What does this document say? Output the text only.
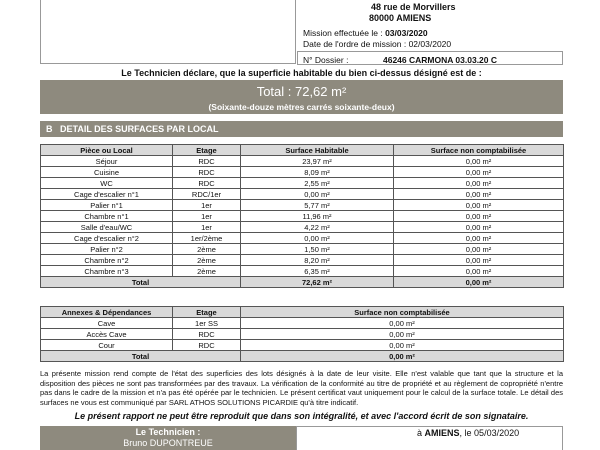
48 rue de Morvillers
80000 AMIENS
Mission effectuée le : 03/03/2020
Date de l'ordre de mission : 02/03/2020
N° Dossier :	46246 CARMONA 03.03.20 C
Le Technicien déclare, que la superficie habitable du bien ci-dessus désigné est de :
Total : 72,62 m²
(Soixante-douze mètres carrés soixante-deux)
B DETAIL DES SURFACES PAR LOCAL
Pièce ou Local	Etage	Surface Habitable	Surface non comptabilisée
Séjour	RDC	23,97 m²	0,00 m²
Cuisine	RDC	8,09 m²	0,00 m²
WC	RDC	2,55 m²	0,00 m²
Cage d'escalier n°1	RDC/1er	0,00 m²	0,00 m²
Palier n°1	1er	5,77 m²	0,00 m²
Chambre n°1	1er	11,96 m²	0,00 m²
Salle d'eau/WC	1er	4,22 m²	0,00 m²
Cage d'escalier n°2	1er/2ème	0,00 m²	0,00 m²
Palier n°2	2ème	1,50 m²	0,00 m²
Chambre n°2	2ème	8,20 m²	0,00 m²
Chambre n°3	2ème	6,35 m²	0,00 m²
Total		72,62 m²	0,00 m²
Annexes & Dépendances	Etage	Surface non comptabilisée
Cave	1er SS	0,00 m²
Accès Cave	RDC	0,00 m²
Cour	RDC	0,00 m²
Total		0,00 m²
La présente mission rend compte de l'état des superficies des lots désignés à la date de leur visite. Elle n'est valable que tant que la structure et la disposition des pièces ne sont pas transformées par des travaux. La vérification de la conformité au titre de propriété et au règlement de copropriété n'entre pas dans le cadre de la mission et n'a pas été opérée par le technicien. Le présent certificat vaut uniquement pour le calcul de la surface totale. Le détail des surfaces ne vous est communiqué par SARL ATHOS SOLUTIONS PICARDIE qu'à titre indicatif.
Le présent rapport ne peut être reproduit que dans son intégralité, et avec l'accord écrit de son signataire.
Le Technicien :
Bruno DUPONTREUE
à AMIENS, le 05/03/2020
